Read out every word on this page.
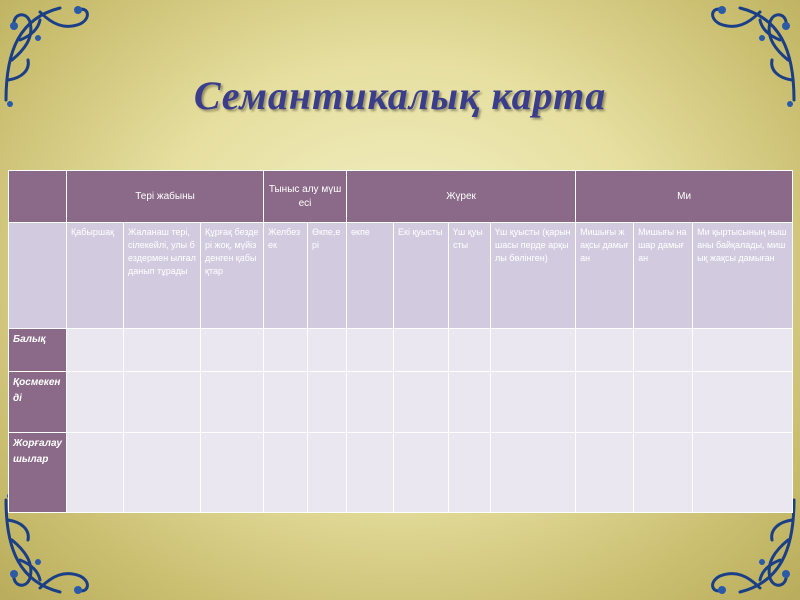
Семантикалық карта
	Тері жабыны			Тыныс алу мүшесі		Жүрек				Ми		
	Қабыршақ	Жаланаш тері, сілекейлі, улы бездермен ылғалданып тұрады	Құрғақ бездері жоқ, мүйіз денген қабықтар	Желбезек	Өкпе,ері	өкпе	Екі қуысты	Үш қуысты	Үш қуысты (қарыншасы перде арқылы бөлінген)	Мишығы жақсы дамыған	Мишығы нашар дамыған	Ми қыртысының нышаны байқалады, мишық жақсы дамыған
Балық												
Қосмекенді												
Жорғалаушылар												
